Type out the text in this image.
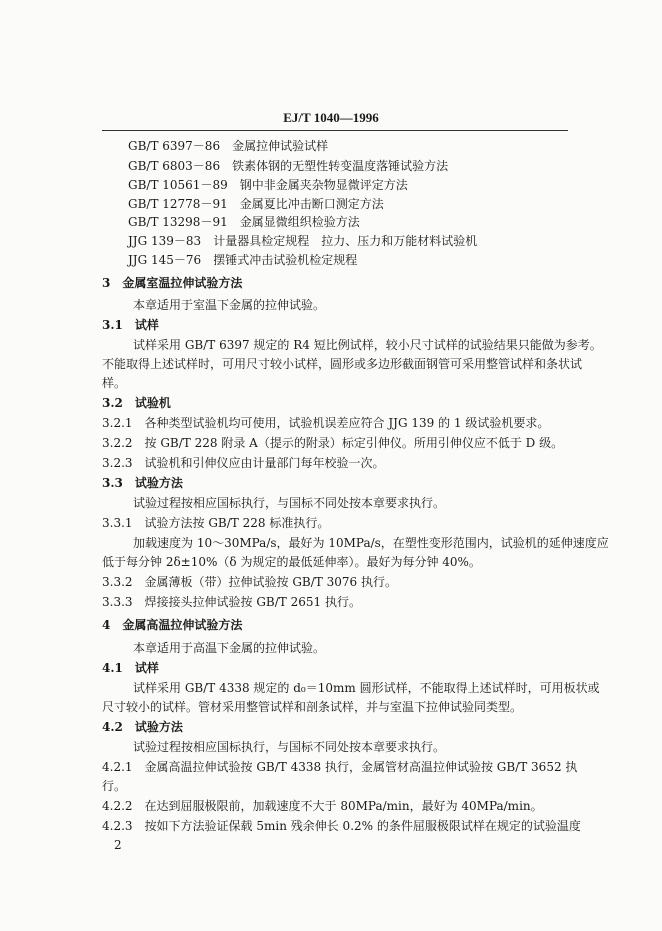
EJ/T 1040—1996
GB/T 6397－86　金属拉伸试验试样
GB/T 6803－86　铁素体钢的无塑性转变温度落锤试验方法
GB/T 10561－89　钢中非金属夹杂物显微评定方法
GB/T 12778－91　金属夏比冲击断口测定方法
GB/T 13298－91　金属显微组织检验方法
JJG 139－83　计量器具检定规程　拉力、压力和万能材料试验机
JJG 145－76　摆锤式冲击试验机检定规程
3　金属室温拉伸试验方法
本章适用于室温下金属的拉伸试验。
3.1　试样
试样采用 GB/T 6397 规定的 R4 短比例试样，较小尺寸试样的试验结果只能做为参考。
不能取得上述试样时，可用尺寸较小试样，圆形或多边形截面钢管可采用整管试样和条状试
样。
3.2　试验机
3.2.1　各种类型试验机均可使用，试验机误差应符合 JJG 139 的 1 级试验机要求。
3.2.2　按 GB/T 228 附录 A（提示的附录）标定引伸仪。所用引伸仪应不低于 D 级。
3.2.3　试验机和引伸仪应由计量部门每年校验一次。
3.3　试验方法
试验过程按相应国标执行，与国标不同处按本章要求执行。
3.3.1　试验方法按 GB/T 228 标准执行。
加载速度为 10～30MPa/s，最好为 10MPa/s，在塑性变形范围内，试验机的延伸速度应
低于每分钟 2δ±10%（δ 为规定的最低延伸率）。最好为每分钟 40%。
3.3.2　金属薄板（带）拉伸试验按 GB/T 3076 执行。
3.3.3　焊接接头拉伸试验按 GB/T 2651 执行。
4　金属高温拉伸试验方法
本章适用于高温下金属的拉伸试验。
4.1　试样
试样采用 GB/T 4338 规定的 d₀＝10mm 圆形试样，不能取得上述试样时，可用板状或
尺寸较小的试样。管材采用整管试样和剖条试样，并与室温下拉伸试验同类型。
4.2　试验方法
试验过程按相应国标执行，与国标不同处按本章要求执行。
4.2.1　金属高温拉伸试验按 GB/T 4338 执行，金属管材高温拉伸试验按 GB/T 3652 执
行。
4.2.2　在达到屈服极限前，加载速度不大于 80MPa/min，最好为 40MPa/min。
4.2.3　按如下方法验证保载 5min 残余伸长 0.2% 的条件屈服极限试样在规定的试验温度
2
